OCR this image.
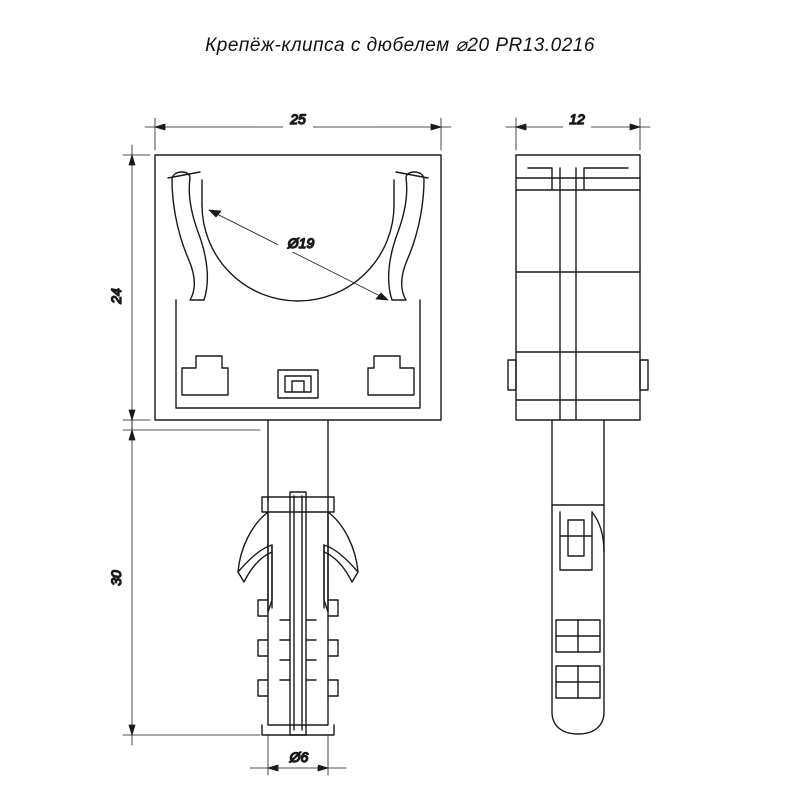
Крепёж-клипса с дюбелем ⌀20 PR13.0216
25
24
30
Ø19
Ø6
12
